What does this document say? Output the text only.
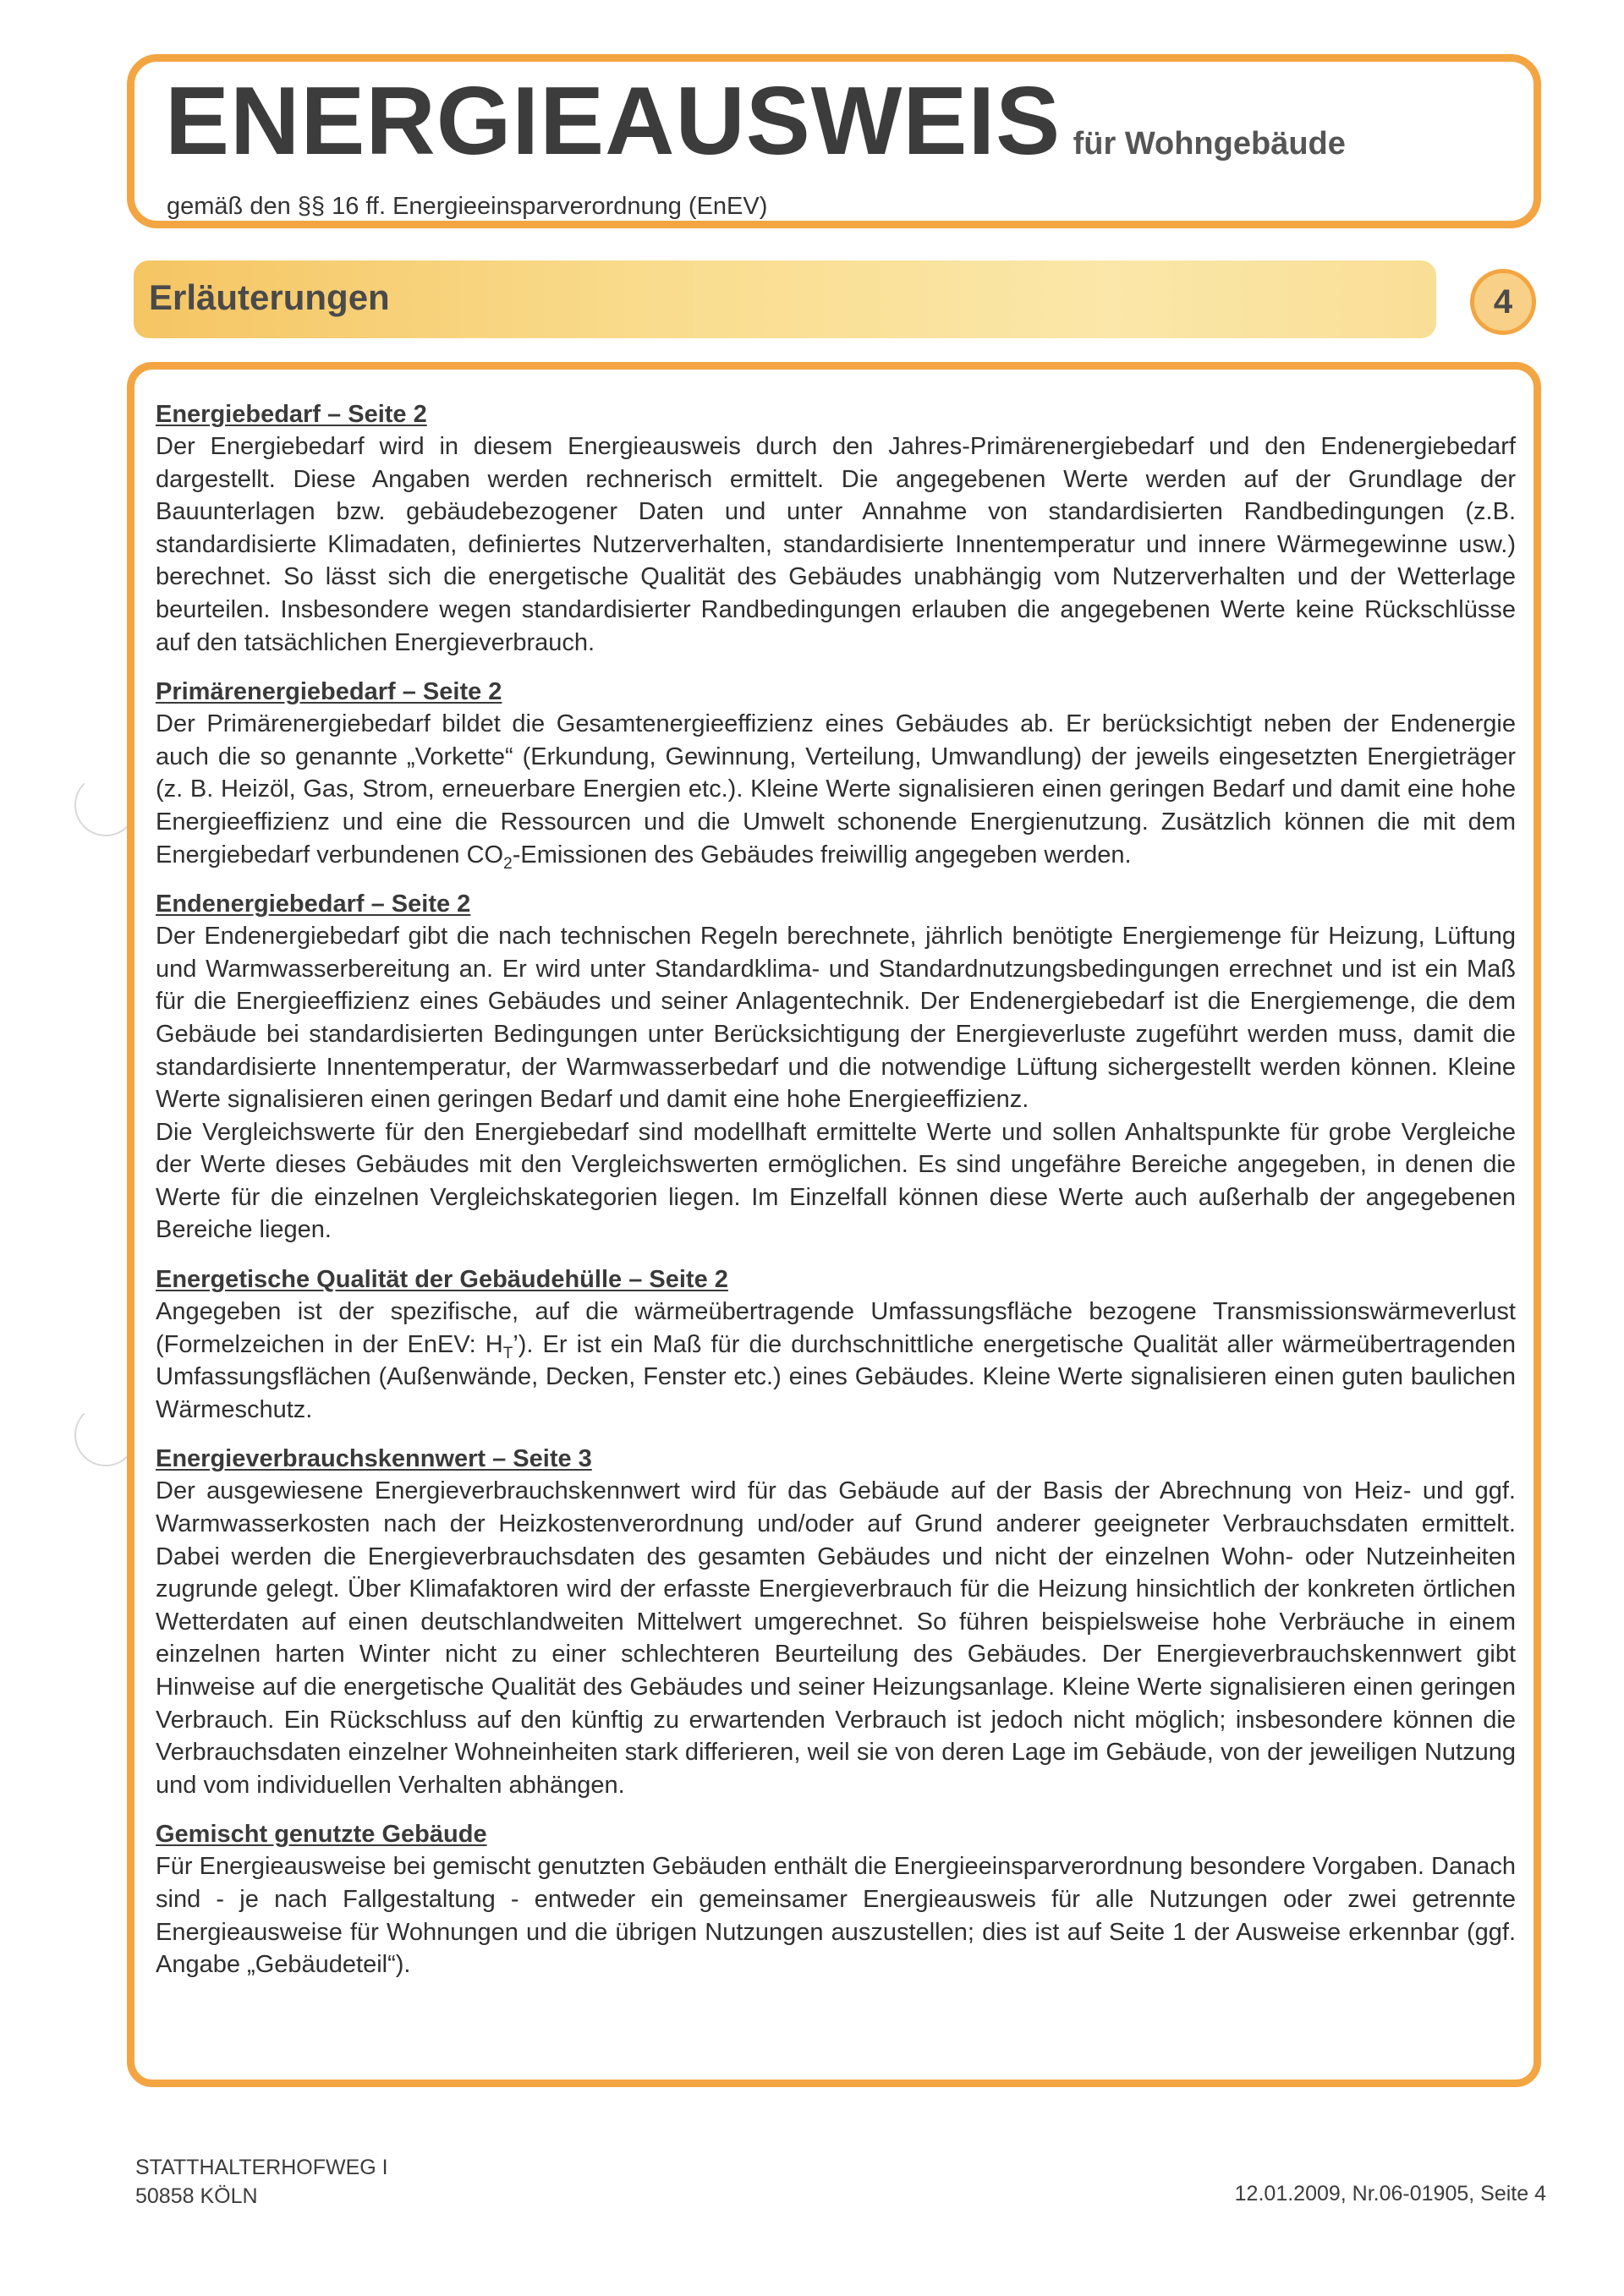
ENERGIEAUSWEIS für Wohngebäude
gemäß den §§ 16 ff. Energieeinsparverordnung (EnEV)
Erläuterungen	4

Energiebedarf – Seite 2

Der Energiebedarf wird in diesem Energieausweis durch den Jahres-Primärenergiebedarf und den Endenergiebedarf dargestellt. Diese Angaben werden rechnerisch ermittelt. Die angegebenen Werte werden auf der Grundlage der Bauunterlagen bzw. gebäudebezogener Daten und unter Annahme von standardisierten Randbedingungen (z.B. standardisierte Klimadaten, definiertes Nutzerverhalten, standardisierte Innentemperatur und innere Wärmegewinne usw.) berechnet. So lässt sich die energetische Qualität des Gebäudes unabhängig vom Nutzerverhalten und der Wetterlage beurteilen. Insbesondere wegen standardisierter Randbedingungen erlauben die angegebenen Werte keine Rückschlüsse auf den tatsächlichen Energieverbrauch.

Primärenergiebedarf – Seite 2

Der Primärenergiebedarf bildet die Gesamtenergieeffizienz eines Gebäudes ab. Er berücksichtigt neben der Endenergie auch die so genannte „Vorkette“ (Erkundung, Gewinnung, Verteilung, Umwandlung) der jeweils eingesetzten Energieträger (z. B. Heizöl, Gas, Strom, erneuerbare Energien etc.). Kleine Werte signalisieren einen geringen Bedarf und damit eine hohe Energieeffizienz und eine die Ressourcen und die Umwelt schonende Energienutzung. Zusätzlich können die mit dem Energiebedarf verbundenen $CO_2$-Emissionen des Gebäudes freiwillig angegeben werden.

Endenergiebedarf – Seite 2

Der Endenergiebedarf gibt die nach technischen Regeln berechnete, jährlich benötigte Energiemenge für Heizung, Lüftung und Warmwasserbereitung an. Er wird unter Standardklima- und Standardnutzungsbedingungen errechnet und ist ein Maß für die Energieeffizienz eines Gebäudes und seiner Anlagentechnik. Der Endenergiebedarf ist die Energiemenge, die dem Gebäude bei standardisierten Bedingungen unter Berücksichtigung der Energieverluste zugeführt werden muss, damit die standardisierte Innentemperatur, der Warmwasserbedarf und die notwendige Lüftung sichergestellt werden können. Kleine Werte signalisieren einen geringen Bedarf und damit eine hohe Energieeffizienz.

Die Vergleichswerte für den Energiebedarf sind modellhaft ermittelte Werte und sollen Anhaltspunkte für grobe Vergleiche der Werte dieses Gebäudes mit den Vergleichswerten ermöglichen. Es sind ungefähre Bereiche angegeben, in denen die Werte für die einzelnen Vergleichskategorien liegen. Im Einzelfall können diese Werte auch außerhalb der angegebenen Bereiche liegen.

Energetische Qualität der Gebäudehülle – Seite 2

Angegeben ist der spezifische, auf die wärmeübertragende Umfassungsfläche bezogene Transmissionswärmeverlust (Formelzeichen in der EnEV: $H_T$’). Er ist ein Maß für die durchschnittliche energetische Qualität aller wärmeübertragenden Umfassungsflächen (Außenwände, Decken, Fenster etc.) eines Gebäudes. Kleine Werte signalisieren einen guten baulichen Wärmeschutz.

Energieverbrauchskennwert – Seite 3

Der ausgewiesene Energieverbrauchskennwert wird für das Gebäude auf der Basis der Abrechnung von Heiz- und ggf. Warmwasserkosten nach der Heizkostenverordnung und/oder auf Grund anderer geeigneter Verbrauchsdaten ermittelt. Dabei werden die Energieverbrauchsdaten des gesamten Gebäudes und nicht der einzelnen Wohn- oder Nutzeinheiten zugrunde gelegt. Über Klimafaktoren wird der erfasste Energieverbrauch für die Heizung hinsichtlich der konkreten örtlichen Wetterdaten auf einen deutschlandweiten Mittelwert umgerechnet. So führen beispielsweise hohe Verbräuche in einem einzelnen harten Winter nicht zu einer schlechteren Beurteilung des Gebäudes. Der Energieverbrauchskennwert gibt Hinweise auf die energetische Qualität des Gebäudes und seiner Heizungsanlage. Kleine Werte signalisieren einen geringen Verbrauch. Ein Rückschluss auf den künftig zu erwartenden Verbrauch ist jedoch nicht möglich; insbesondere können die Verbrauchsdaten einzelner Wohneinheiten stark differieren, weil sie von deren Lage im Gebäude, von der jeweiligen Nutzung und vom individuellen Verhalten abhängen.

Gemischt genutzte Gebäude

Für Energieausweise bei gemischt genutzten Gebäuden enthält die Energieeinsparverordnung besondere Vorgaben. Danach sind - je nach Fallgestaltung - entweder ein gemeinsamer Energieausweis für alle Nutzungen oder zwei getrennte Energieausweise für Wohnungen und die übrigen Nutzungen auszustellen; dies ist auf Seite 1 der Ausweise erkennbar (ggf. Angabe „Gebäudeteil“).

STATTHALTERHOFWEG I
50858 KÖLN	12.01.2009, Nr.06-01905, Seite 4
